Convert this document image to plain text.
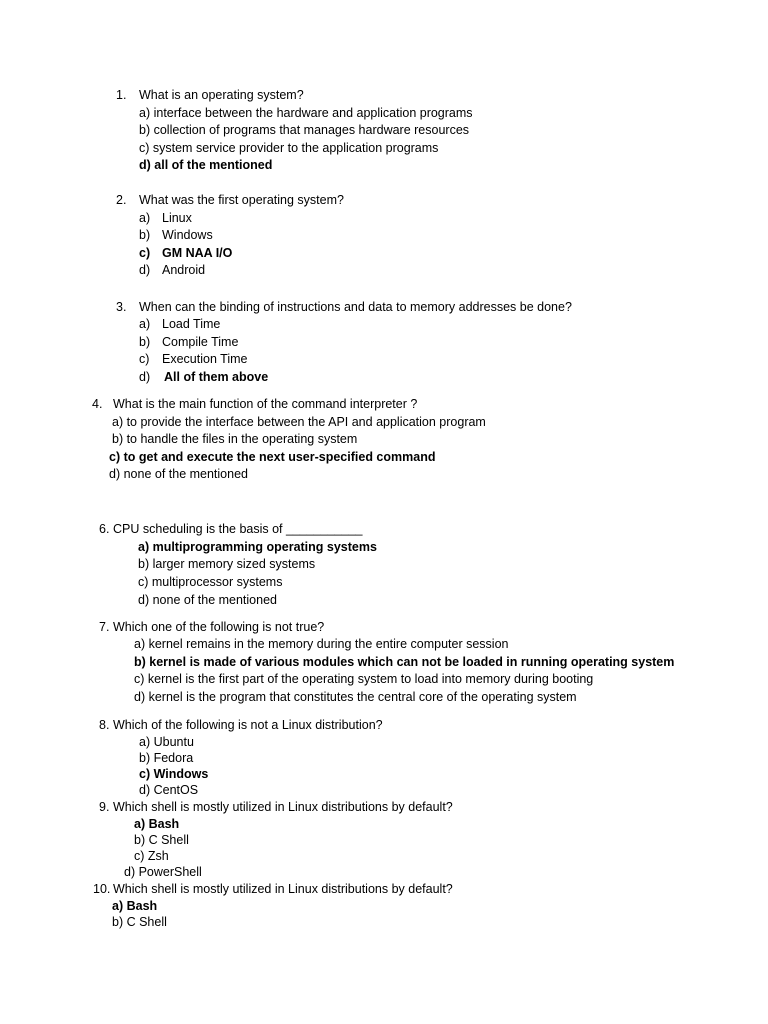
1. What is an operating system?
a) interface between the hardware and application programs
b) collection of programs that manages hardware resources
c) system service provider to the application programs
d) all of the mentioned
2. What was the first operating system?
a) Linux
b) Windows
c) GM NAA I/O
d) Android
3. When can the binding of instructions and data to memory addresses be done?
a) Load Time
b) Compile Time
c) Execution Time
d) All of them above
4. What is the main function of the command interpreter ?
a) to provide the interface between the API and application program
b) to handle the files in the operating system
c) to get and execute the next user-specified command
d) none of the mentioned
6. CPU scheduling is the basis of ___________
a) multiprogramming operating systems
b) larger memory sized systems
c) multiprocessor systems
d) none of the mentioned
7. Which one of the following is not true?
a) kernel remains in the memory during the entire computer session
b) kernel is made of various modules which can not be loaded in running operating system
c) kernel is the first part of the operating system to load into memory during booting
d) kernel is the program that constitutes the central core of the operating system
8. Which of the following is not a Linux distribution?
a) Ubuntu
b) Fedora
c) Windows
d) CentOS
9. Which shell is mostly utilized in Linux distributions by default?
a) Bash
b) C Shell
c) Zsh
d) PowerShell
10. Which shell is mostly utilized in Linux distributions by default?
a) Bash
b) C Shell
